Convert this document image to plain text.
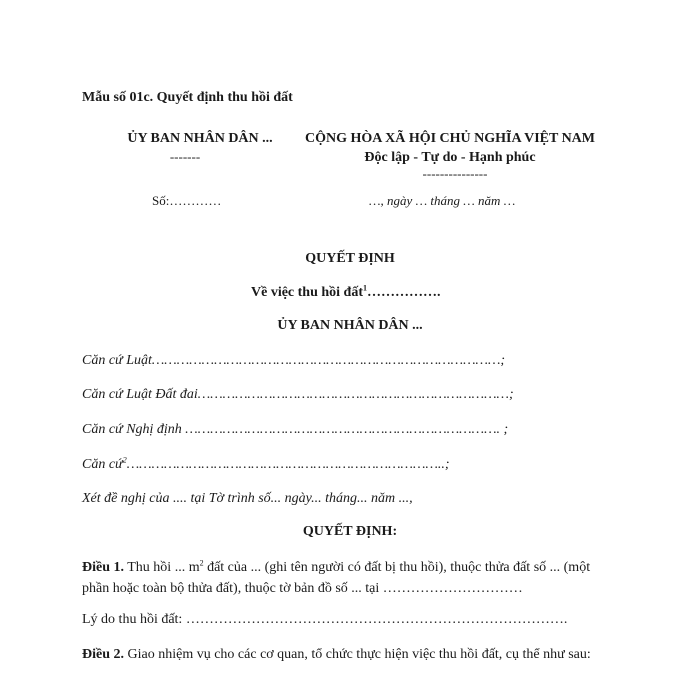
Mẫu số 01c. Quyết định thu hồi đất
ỦY BAN NHÂN DÂN ...
-------
CỘNG HÒA XÃ HỘI CHỦ NGHĨA VIỆT NAM
Độc lập - Tự do - Hạnh phúc
---------------
Số:…………	…, ngày … tháng … năm …
QUYẾT ĐỊNH
Về việc thu hồi đất$^1$…………….
ỦY BAN NHÂN DÂN ...
Căn cứ Luật…………………………………………………………………………;
Căn cứ Luật Đất đai…………………………………………………………………;
Căn cứ Nghị định …………………………………………………………………. ;
Căn cứ$^2$…………………………………………………………………..;
Xét đề nghị của .... tại Tờ trình số... ngày... tháng... năm ...,
QUYẾT ĐỊNH:
Điều 1. Thu hồi ... $m^2$ đất của ... (ghi tên người có đất bị thu hồi), thuộc thửa đất số ... (một phần hoặc toàn bộ thửa đất), thuộc tờ bản đồ số ... tại …………………………
Lý do thu hồi đất: ……………………………………………………………………….
Điều 2. Giao nhiệm vụ cho các cơ quan, tổ chức thực hiện việc thu hồi đất, cụ thể như sau:
